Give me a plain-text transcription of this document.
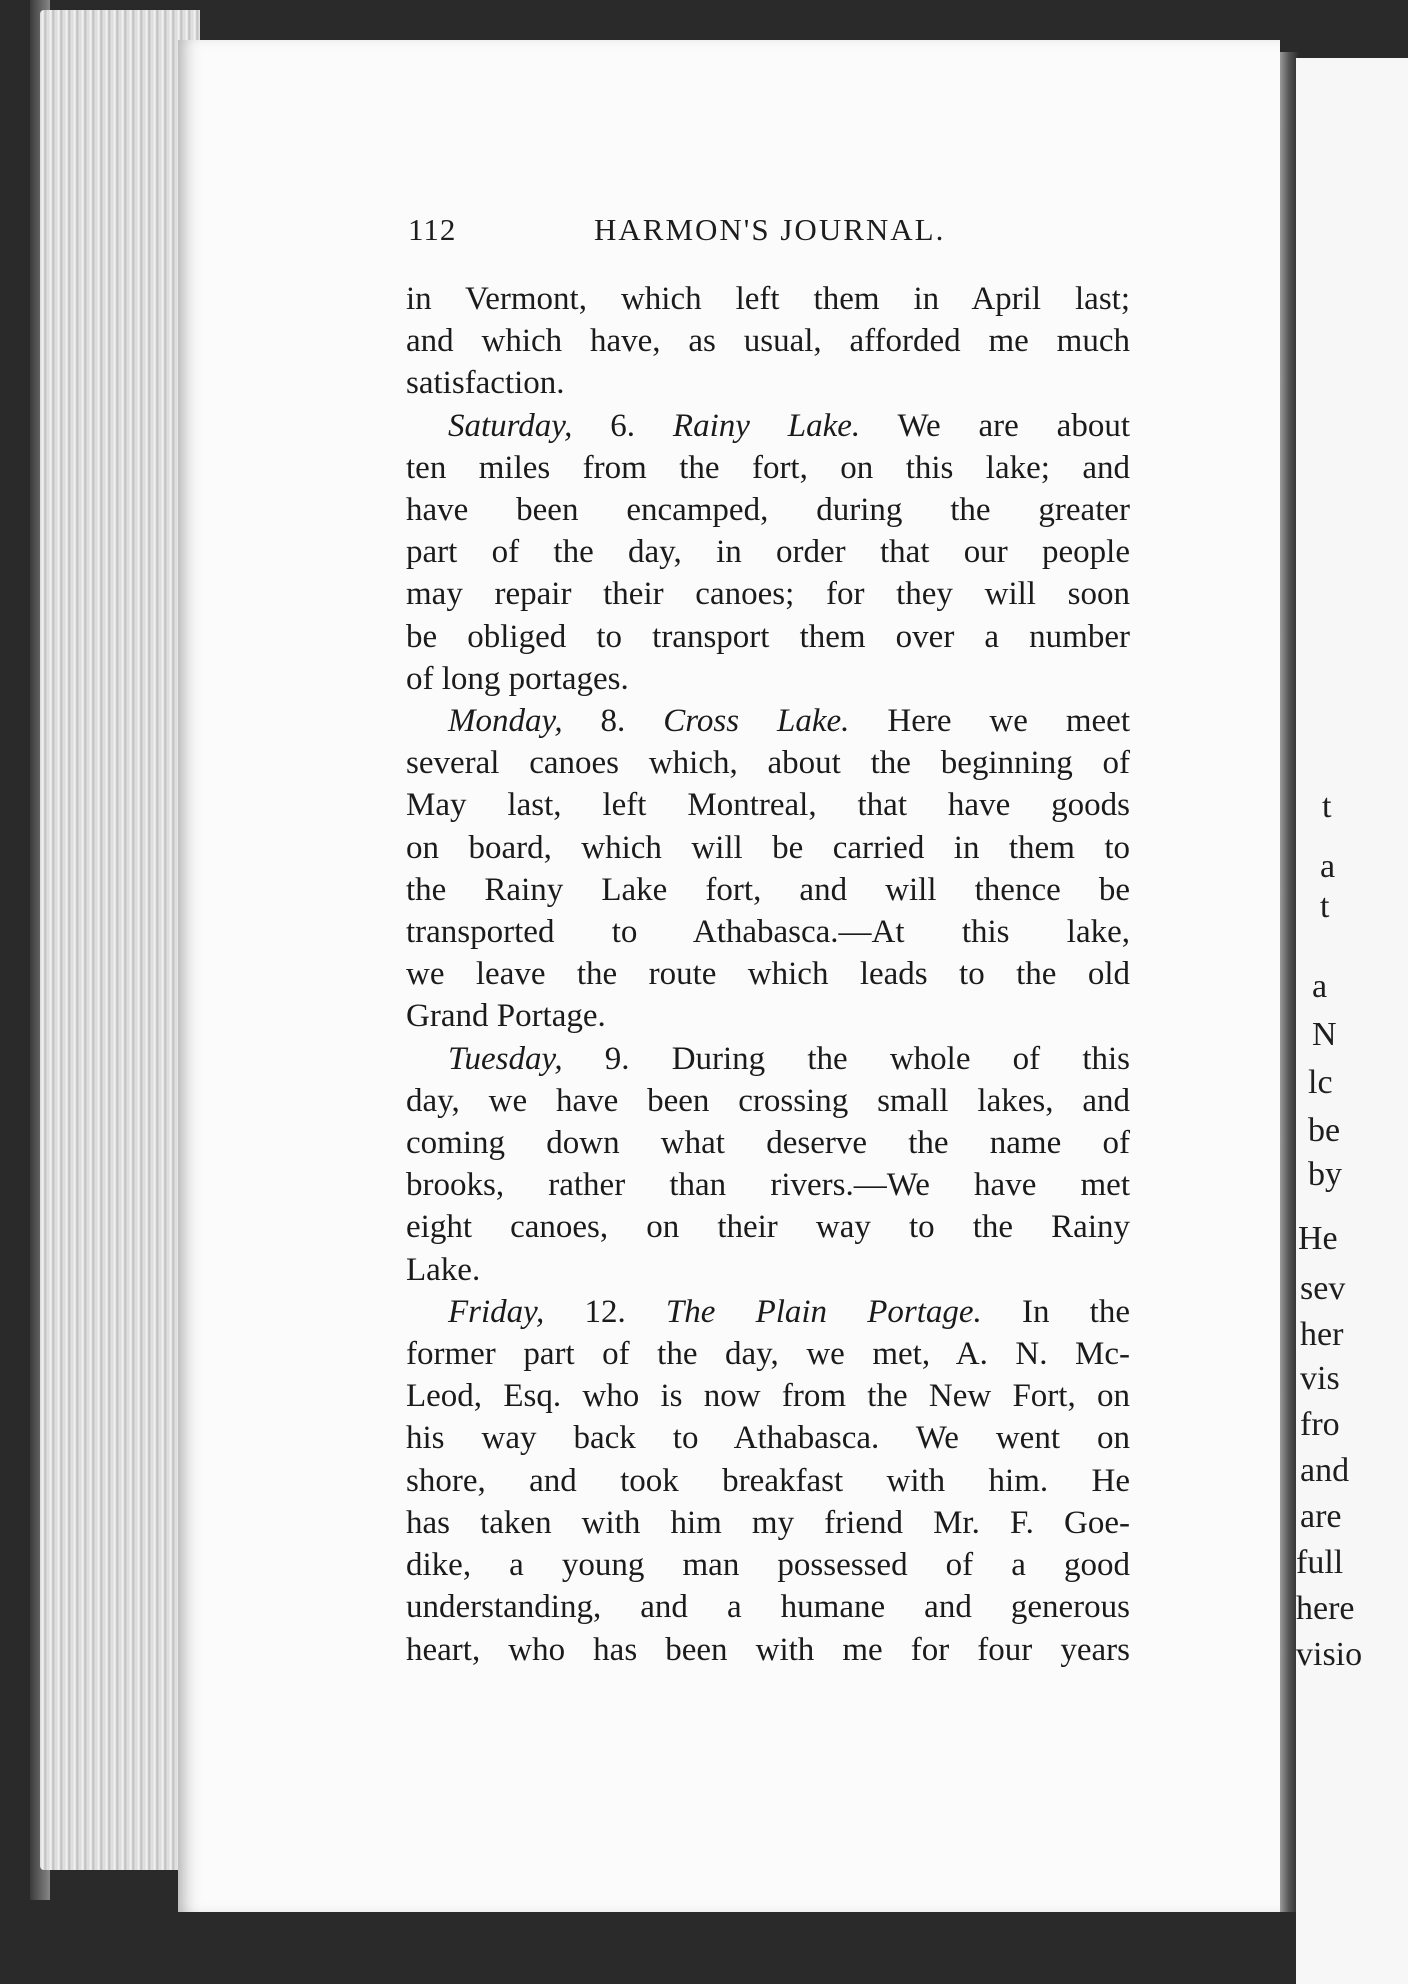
t
a
t
a
N
lc
be
by
He
sev
her
vis
fro
and
are
full
here
visio
112	HARMON'S JOURNAL.
in Vermont, which left them in April last;
and which have, as usual, afforded me much
satisfaction.
Saturday, 6. Rainy Lake. We are about
ten miles from the fort, on this lake; and
have been encamped, during the greater
part of the day, in order that our people
may repair their canoes; for they will soon
be obliged to transport them over a number
of long portages.
Monday, 8. Cross Lake. Here we meet
several canoes which, about the beginning of
May last, left Montreal, that have goods
on board, which will be carried in them to
the Rainy Lake fort, and will thence be
transported to Athabasca.—At this lake,
we leave the route which leads to the old
Grand Portage.
Tuesday, 9. During the whole of this
day, we have been crossing small lakes, and
coming down what deserve the name of
brooks, rather than rivers.—We have met
eight canoes, on their way to the Rainy
Lake.
Friday, 12. The Plain Portage. In the
former part of the day, we met, A. N. Mc-
Leod, Esq. who is now from the New Fort, on
his way back to Athabasca. We went on
shore, and took breakfast with him. He
has taken with him my friend Mr. F. Goe-
dike, a young man possessed of a good
understanding, and a humane and generous
heart, who has been with me for four years
